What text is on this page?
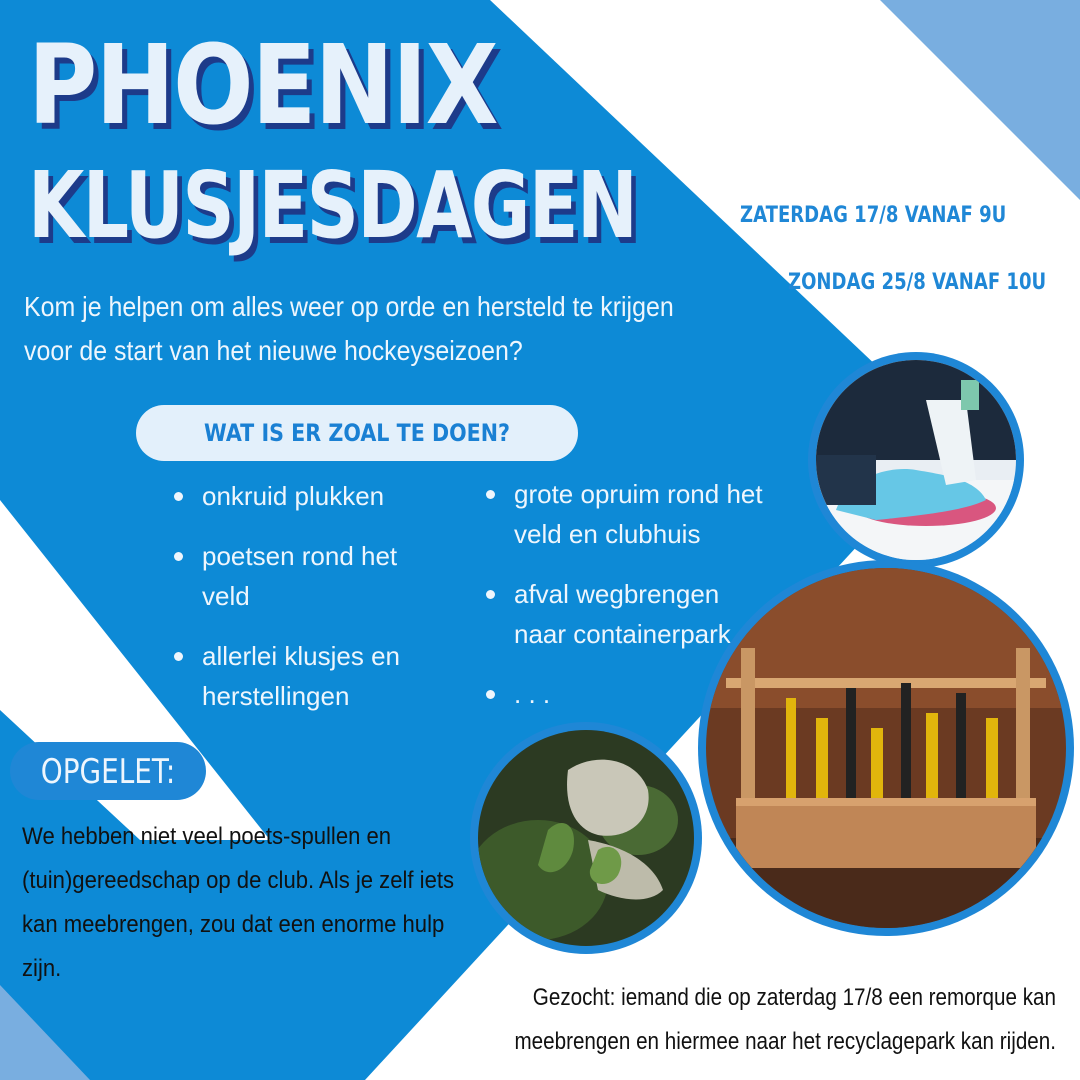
PHOENIX
KLUSJESDAGEN	ZATERDAG 17/8 VANAF 9U
ZONDAG 25/8 VANAF 10U

Kom je helpen om alles weer op orde en hersteld te krijgen voor de start van het nieuwe hockeyseizoen?

WAT IS ER ZOAL TE DOEN?
onkruid plukken
poetsen rond het veld
allerlei klusjes en herstellingen
grote opruim rond het veld en clubhuis
afval wegbrengen naar containerpark
. . .
OPGELET:

We hebben niet veel poets-spullen en (tuin)gereedschap op de club. Als je zelf iets kan meebrengen, zou dat een enorme hulp zijn.

Gezocht: iemand die op zaterdag 17/8 een remorque kan meebrengen en hiermee naar het recyclagepark kan rijden.
